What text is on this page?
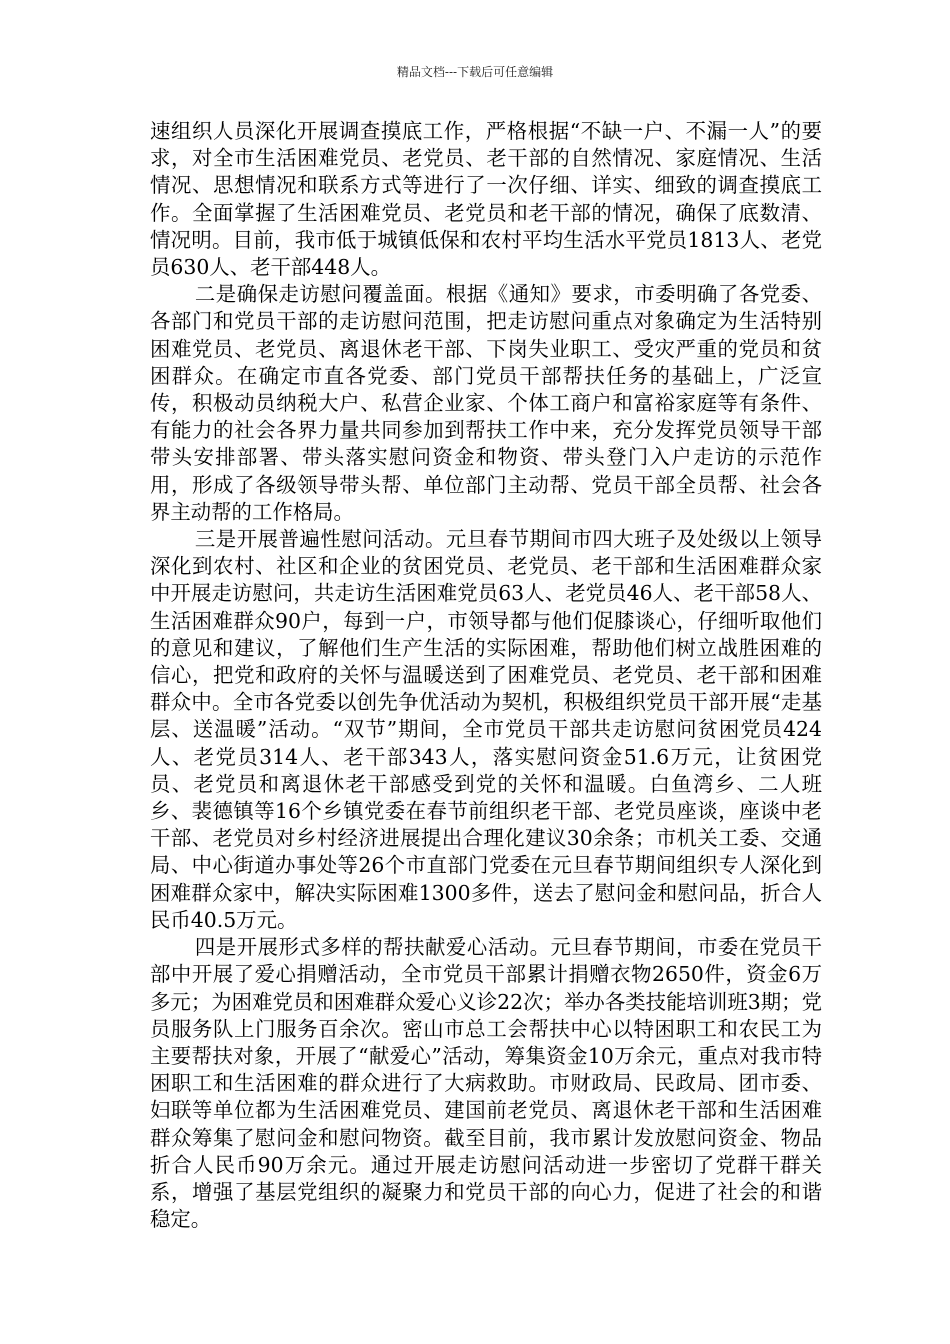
精品文档---下载后可任意编辑

速组织人员深化开展调查摸底工作，严格根据“不缺一户、不漏一人”的要求，对全市生活困难党员、老党员、老干部的自然情况、家庭情况、生活情况、思想情况和联系方式等进行了一次仔细、详实、细致的调查摸底工作。全面掌握了生活困难党员、老党员和老干部的情况，确保了底数清、情况明。目前，我市低于城镇低保和农村平均生活水平党员1813人、老党员630人、老干部448人。

二是确保走访慰问覆盖面。根据《通知》要求，市委明确了各党委、各部门和党员干部的走访慰问范围，把走访慰问重点对象确定为生活特别困难党员、老党员、离退休老干部、下岗失业职工、受灾严重的党员和贫困群众。在确定市直各党委、部门党员干部帮扶任务的基础上，广泛宣传，积极动员纳税大户、私营企业家、个体工商户和富裕家庭等有条件、有能力的社会各界力量共同参加到帮扶工作中来，充分发挥党员领导干部带头安排部署、带头落实慰问资金和物资、带头登门入户走访的示范作用，形成了各级领导带头帮、单位部门主动帮、党员干部全员帮、社会各界主动帮的工作格局。

三是开展普遍性慰问活动。元旦春节期间市四大班子及处级以上领导深化到农村、社区和企业的贫困党员、老党员、老干部和生活困难群众家中开展走访慰问，共走访生活困难党员63人、老党员46人、老干部58人、生活困难群众90户，每到一户，市领导都与他们促膝谈心，仔细听取他们的意见和建议，了解他们生产生活的实际困难，帮助他们树立战胜困难的信心，把党和政府的关怀与温暖送到了困难党员、老党员、老干部和困难群众中。全市各党委以创先争优活动为契机，积极组织党员干部开展“走基层、送温暖”活动。“双节”期间，全市党员干部共走访慰问贫困党员424人、老党员314人、老干部343人，落实慰问资金51.6万元，让贫困党员、老党员和离退休老干部感受到党的关怀和温暖。白鱼湾乡、二人班乡、裴德镇等16个乡镇党委在春节前组织老干部、老党员座谈，座谈中老干部、老党员对乡村经济进展提出合理化建议30余条；市机关工委、交通局、中心街道办事处等26个市直部门党委在元旦春节期间组织专人深化到困难群众家中，解决实际困难1300多件，送去了慰问金和慰问品，折合人民币40.5万元。

四是开展形式多样的帮扶献爱心活动。元旦春节期间，市委在党员干部中开展了爱心捐赠活动，全市党员干部累计捐赠衣物2650件，资金6万多元；为困难党员和困难群众爱心义诊22次；举办各类技能培训班3期；党员服务队上门服务百余次。密山市总工会帮扶中心以特困职工和农民工为主要帮扶对象，开展了“献爱心”活动，筹集资金10万余元，重点对我市特困职工和生活困难的群众进行了大病救助。市财政局、民政局、团市委、妇联等单位都为生活困难党员、建国前老党员、离退休老干部和生活困难群众筹集了慰问金和慰问物资。截至目前，我市累计发放慰问资金、物品折合人民币90万余元。通过开展走访慰问活动进一步密切了党群干群关系，增强了基层党组织的凝聚力和党员干部的向心力，促进了社会的和谐稳定。
